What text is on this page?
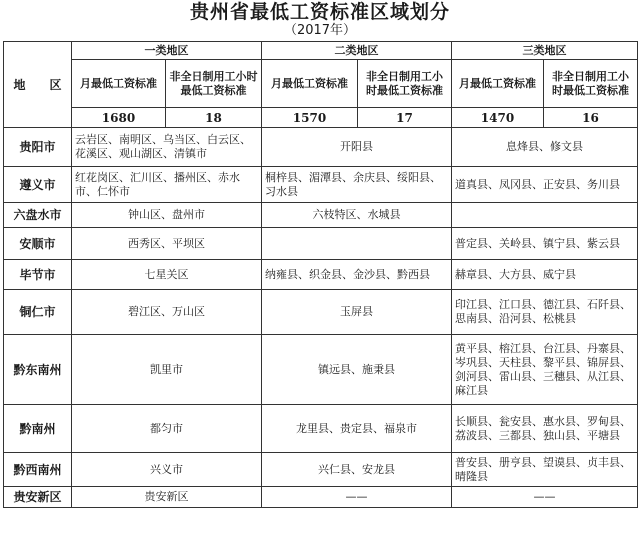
贵州省最低工资标准区域划分
（2017年）
地　　区	一类地区		二类地区		三类地区	
	月最低工资标准	非全日制用工小时最低工资标准	月最低工资标准	非全日制用工小时最低工资标准	月最低工资标准	非全日制用工小时最低工资标准
	1680	18	1570	17	1470	16
贵阳市	云岩区、南明区、乌当区、白云区、花溪区、观山湖区、清镇市		开阳县		息烽县、修文县	
遵义市	红花岗区、汇川区、播州区、赤水市、仁怀市		桐梓县、湄潭县、余庆县、绥阳县、习水县		道真县、凤冈县、正安县、务川县	
六盘水市	钟山区、盘州市		六枝特区、水城县			
安顺市	西秀区、平坝区				普定县、关岭县、镇宁县、紫云县	
毕节市	七星关区		纳雍县、织金县、金沙县、黔西县		赫章县、大方县、威宁县	
铜仁市	碧江区、万山区		玉屏县		印江县、江口县、德江县、石阡县、思南县、沿河县、松桃县	
黔东南州	凯里市		镇远县、施秉县		黄平县、榕江县、台江县、丹寨县、岑巩县、天柱县、黎平县、锦屏县、剑河县、雷山县、三穗县、从江县、麻江县	
黔南州	都匀市		龙里县、贵定县、福泉市		长顺县、瓮安县、惠水县、罗甸县、荔波县、三都县、独山县、平塘县	
黔西南州	兴义市		兴仁县、安龙县		普安县、册亨县、望谟县、贞丰县、晴隆县	
贵安新区	贵安新区		——		——	
